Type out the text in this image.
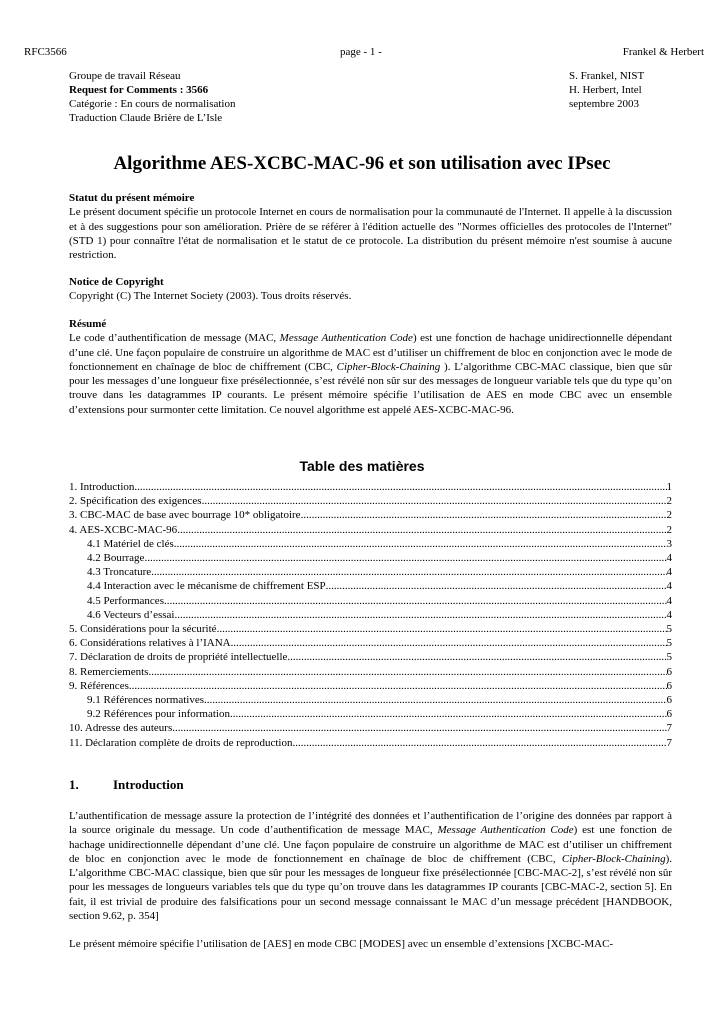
RFC3566	page - 1 -	Frankel & Herbert
Groupe de travail Réseau
Request for Comments : 3566
Catégorie : En cours de normalisation
Traduction Claude Brière de L’Isle
S. Frankel, NIST
H. Herbert, Intel
septembre 2003
Algorithme AES-XCBC-MAC-96 et son utilisation avec IPsec
Statut du présent mémoire

Le présent document spécifie un protocole Internet en cours de normalisation pour la communauté de l'Internet. Il appelle à la discussion et à des suggestions pour son amélioration. Prière de se référer à l'édition actuelle des "Normes officielles des protocoles de l'Internet" (STD 1) pour connaître l'état de normalisation et le statut de ce protocole. La distribution du présent mémoire n'est soumise à aucune restriction.

Notice de Copyright

Copyright (C) The Internet Society (2003). Tous droits réservés.

Résumé

Le code d’authentification de message (MAC, Message Authentication Code) est une fonction de hachage unidirectionnelle dépendant d’une clé. Une façon populaire de construire un algorithme de MAC est d’utiliser un chiffrement de bloc en conjonction avec le mode de fonctionnement en chaînage de bloc de chiffrement (CBC, Cipher-Block-Chaining ). L’algorithme CBC-MAC classique, bien que sûr pour les messages d’une longueur fixe présélectionnée, s’est révélé non sûr sur des messages de longueur variable tels que du type qu’on trouve dans les datagrammes IP courants. Le présent mémoire spécifie l’utilisation de AES en mode CBC avec un ensemble d’extensions pour surmonter cette limitation. Ce nouvel algorithme est appelé AES-XCBC-MAC-96.

Table des matières
1. Introduction .....	1
2. Spécification des exigences .....	2
3. CBC-MAC de base avec bourrage 10* obligatoire .....	2
4. AES-XCBC-MAC-96 .....	2
4.1 Matériel de clés .....	3
4.2 Bourrage .....	4
4.3 Troncature .....	4
4.4 Interaction avec le mécanisme de chiffrement ESP .....	4
4.5 Performances .....	4
4.6 Vecteurs d’essai .....	4
5. Considérations pour la sécurité .....	5
6. Considérations relatives à l’IANA .....	5
7. Déclaration de droits de propriété intellectuelle .....	5
8. Remerciements .....	6
9. Références .....	6
9.1 Références normatives .....	6
9.2 Références pour information .....	6
10. Adresse des auteurs .....	7
11. Déclaration complète de droits de reproduction .....	7
1.	Introduction

L’authentification de message assure la protection de l’intégrité des données et l’authentification de l’origine des données par rapport à la source originale du message. Un code d’authentification de message MAC, Message Authentication Code) est une fonction de hachage unidirectionnelle dépendant d’une clé. Une façon populaire de construire un algorithme de MAC est d’utiliser un chiffrement de bloc en conjonction avec le mode de fonctionnement en chaînage de bloc de chiffrement (CBC, Cipher-Block-Chaining). L’algorithme CBC-MAC classique, bien que sûr pour les messages de longueur fixe présélectionnée [CBC-MAC-2], s’est révélé non sûr pour les messages de longueurs variables tels que du type qu’on trouve dans les datagrammes IP courants [CBC-MAC-2, section 5]. En fait, il est trivial de produire des falsifications pour un second message connaissant le MAC d’un message précédent [HANDBOOK, section 9.62, p. 354]

Le présent mémoire spécifie l’utilisation de [AES] en mode CBC [MODES] avec un ensemble d’extensions [XCBC-MAC-
